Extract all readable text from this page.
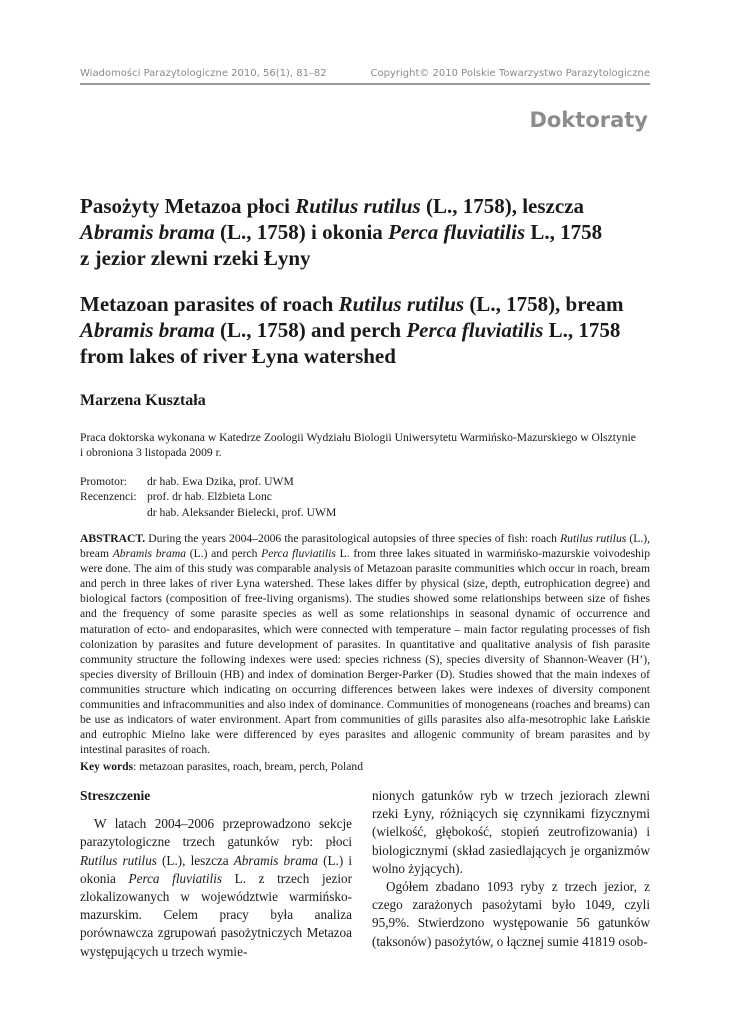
Wiadomości Parazytologiczne 2010, 56(1), 81–82	Copyright© 2010 Polskie Towarzystwo Parazytologiczne
Doktoraty
Pasożyty Metazoa płoci Rutilus rutilus (L., 1758), leszcza
Abramis brama (L., 1758) i okonia Perca fluviatilis L., 1758
z jezior zlewni rzeki Łyny
Metazoan parasites of roach Rutilus rutilus (L., 1758), bream
Abramis brama (L., 1758) and perch Perca fluviatilis L., 1758
from lakes of river Łyna watershed
Marzena Kuształa
Praca doktorska wykonana w Katedrze Zoologii Wydziału Biologii Uniwersytetu Warmińsko-Mazurskiego w Olsztynie
i obroniona 3 listopada 2009 r.
Promotor: dr hab. Ewa Dzika, prof. UWM
Recenzenci: prof. dr hab. Elżbieta Lonc
dr hab. Aleksander Bielecki, prof. UWM
ABSTRACT. During the years 2004–2006 the parasitological autopsies of three species of fish: roach Rutilus rutilus (L.), bream Abramis brama (L.) and perch Perca fluviatilis L. from three lakes situated in warmińsko-mazurskie voivodeship were done. The aim of this study was comparable analysis of Metazoan parasite communities which occur in roach, bream and perch in three lakes of river Łyna watershed. These lakes differ by physical (size, depth, eutrophication degree) and biological factors (composition of free-living organisms). The studies showed some relationships between size of fishes and the frequency of some parasite species as well as some relationships in seasonal dynamic of occurrence and maturation of ecto- and endoparasites, which were connected with temperature – main factor regulating processes of fish colonization by parasites and future development of parasites. In quantitative and qualitative analysis of fish parasite community structure the following indexes were used: species richness (S), species diversity of Shannon-Weaver (H’), species diversity of Brillouin (HB) and index of domination Berger-Parker (D). Studies showed that the main indexes of communities structure which indicating on occurring differences between lakes were indexes of diversity component communities and infracommunities and also index of dominance. Communities of monogeneans (roaches and breams) can be use as indicators of water environment. Apart from communities of gills parasites also alfa-mesotrophic lake Łańskie and eutrophic Mielno lake were differenced by eyes parasites and allogenic community of bream parasites and by intestinal parasites of roach.
Key words: metazoan parasites, roach, bream, perch, Poland

Streszczenie

W latach 2004–2006 przeprowadzono sekcje parazytologiczne trzech gatunków ryb: płoci Rutilus rutilus (L.), leszcza Abramis brama (L.) i okonia Perca fluviatilis L. z trzech jezior zlokalizowanych w województwie warmińsko-mazurskim. Celem pracy była analiza porównawcza zgrupowań pasożytniczych Metazoa występujących u trzech wymie-

nionych gatunków ryb w trzech jeziorach zlewni rzeki Łyny, różniących się czynnikami fizycznymi (wielkość, głębokość, stopień zeutrofizowania) i biologicznymi (skład zasiedlających je organizmów wolno żyjących).

Ogółem zbadano 1093 ryby z trzech jezior, z czego zarażonych pasożytami było 1049, czyli 95,9%. Stwierdzono występowanie 56 gatunków (taksonów) pasożytów, o łącznej sumie 41819 osob-
